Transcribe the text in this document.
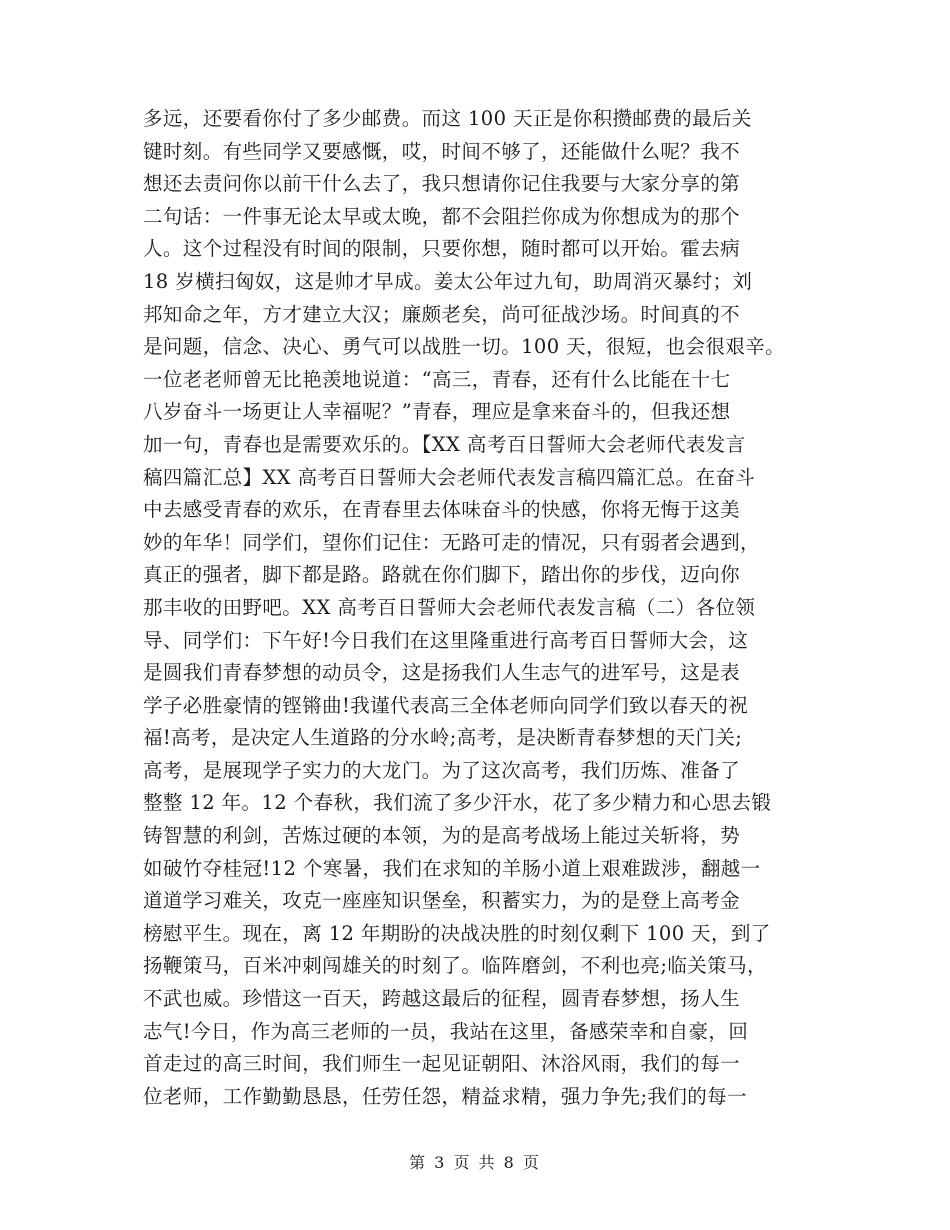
多远，还要看你付了多少邮费。而这 100 天正是你积攒邮费的最后关
键时刻。有些同学又要感慨，哎，时间不够了，还能做什么呢？我不
想还去责问你以前干什么去了，我只想请你记住我要与大家分享的第
二句话：一件事无论太早或太晚，都不会阻拦你成为你想成为的那个
人。这个过程没有时间的限制，只要你想，随时都可以开始。霍去病
18 岁横扫匈奴，这是帅才早成。姜太公年过九旬，助周消灭暴纣；刘
邦知命之年，方才建立大汉；廉颇老矣，尚可征战沙场。时间真的不
是问题，信念、决心、勇气可以战胜一切。100 天，很短，也会很艰辛。
一位老老师曾无比艳羡地说道：“高三，青春，还有什么比能在十七
八岁奋斗一场更让人幸福呢？”青春，理应是拿来奋斗的，但我还想
加一句，青春也是需要欢乐的。【XX 高考百日誓师大会老师代表发言
稿四篇汇总】XX 高考百日誓师大会老师代表发言稿四篇汇总。在奋斗
中去感受青春的欢乐，在青春里去体味奋斗的快感，你将无悔于这美
妙的年华！同学们，望你们记住：无路可走的情况，只有弱者会遇到，
真正的强者，脚下都是路。路就在你们脚下，踏出你的步伐，迈向你
那丰收的田野吧。XX 高考百日誓师大会老师代表发言稿（二）各位领
导、同学们：下午好!今日我们在这里隆重进行高考百日誓师大会，这
是圆我们青春梦想的动员令，这是扬我们人生志气的进军号，这是表
学子必胜豪情的铿锵曲!我谨代表高三全体老师向同学们致以春天的祝
福!高考，是决定人生道路的分水岭;高考，是决断青春梦想的天门关;
高考，是展现学子实力的大龙门。为了这次高考，我们历炼、准备了
整整 12 年。12 个春秋，我们流了多少汗水，花了多少精力和心思去锻
铸智慧的利剑，苦炼过硬的本领，为的是高考战场上能过关斩将，势
如破竹夺桂冠!12 个寒暑，我们在求知的羊肠小道上艰难跋涉，翻越一
道道学习难关，攻克一座座知识堡垒，积蓄实力，为的是登上高考金
榜慰平生。现在，离 12 年期盼的决战决胜的时刻仅剩下 100 天，到了
扬鞭策马，百米冲刺闯雄关的时刻了。临阵磨剑，不利也亮;临关策马，
不武也威。珍惜这一百天，跨越这最后的征程，圆青春梦想，扬人生
志气!今日，作为高三老师的一员，我站在这里，备感荣幸和自豪，回
首走过的高三时间，我们师生一起见证朝阳、沐浴风雨，我们的每一
位老师，工作勤勤恳恳，任劳任怨，精益求精，强力争先;我们的每一
第 3 页 共 8 页
